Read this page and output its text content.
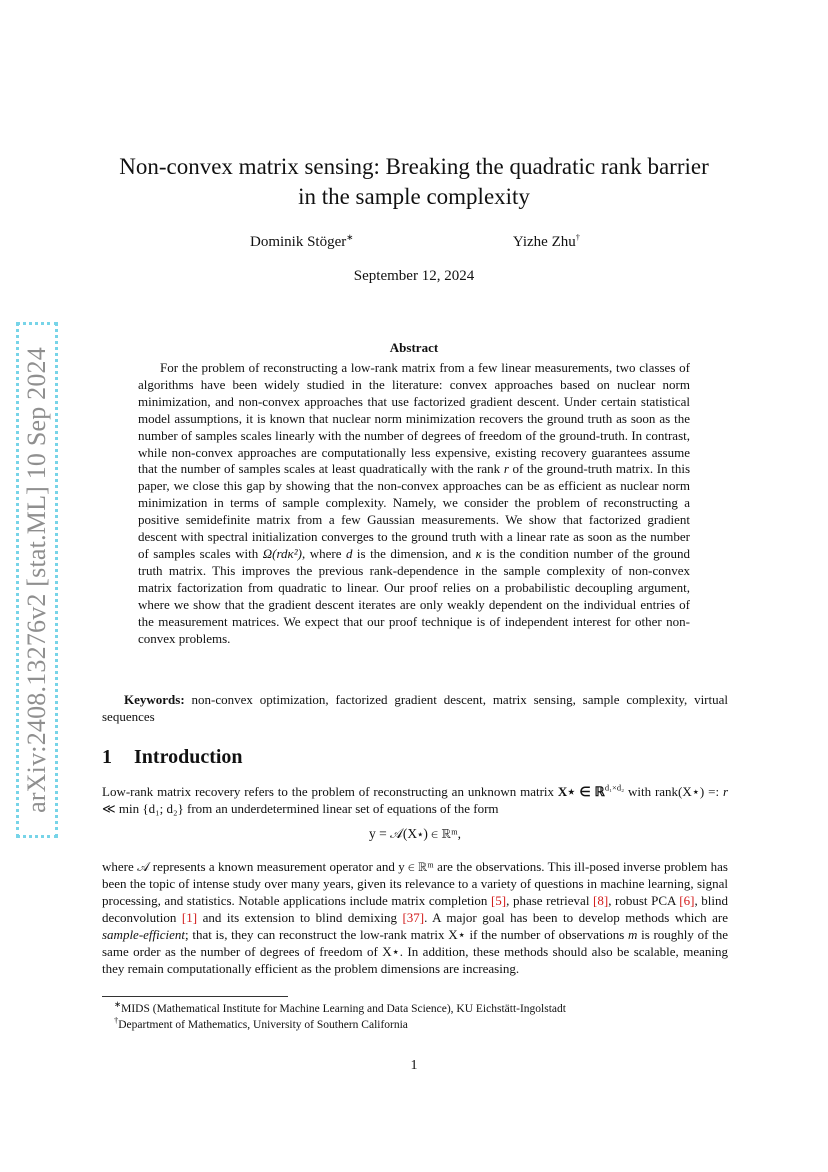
arXiv:2408.13276v2 [stat.ML] 10 Sep 2024
Non-convex matrix sensing: Breaking the quadratic rank barrier
in the sample complexity
Dominik Stöger∗	Yizhe Zhu†
September 12, 2024
Abstract

For the problem of reconstructing a low-rank matrix from a few linear measurements, two classes of algorithms have been widely studied in the literature: convex approaches based on nuclear norm minimization, and non-convex approaches that use factorized gradient descent. Under certain statistical model assumptions, it is known that nuclear norm minimization recovers the ground truth as soon as the number of samples scales linearly with the number of degrees of freedom of the ground-truth. In contrast, while non-convex approaches are computationally less expensive, existing recovery guarantees assume that the number of samples scales at least quadratically with the rank r of the ground-truth matrix. In this paper, we close this gap by showing that the non-convex approaches can be as efficient as nuclear norm minimization in terms of sample complexity. Namely, we consider the problem of reconstructing a positive semidefinite matrix from a few Gaussian measurements. We show that factorized gradient descent with spectral initialization converges to the ground truth with a linear rate as soon as the number of samples scales with Ω(rdκ²), where d is the dimension, and κ is the condition number of the ground truth matrix. This improves the previous rank-dependence in the sample complexity of non-convex matrix factorization from quadratic to linear. Our proof relies on a probabilistic decoupling argument, where we show that the gradient descent iterates are only weakly dependent on the individual entries of the measurement matrices. We expect that our proof technique is of independent interest for other non-convex problems.

Keywords: non-convex optimization, factorized gradient descent, matrix sensing, sample complexity, virtual sequences

1 Introduction

Low-rank matrix recovery refers to the problem of reconstructing an unknown matrix X⋆ ∈ ℝ$^{d_1\times d_2}$ with rank(X⋆) =: r ≪ min {d₁; d₂} from an underdetermined linear set of equations of the form

y = 𝒜(X⋆) ∈ ℝᵐ,

where 𝒜 represents a known measurement operator and y ∈ ℝᵐ are the observations. This ill-posed inverse problem has been the topic of intense study over many years, given its relevance to a variety of questions in machine learning, signal processing, and statistics. Notable applications include matrix completion [5], phase retrieval [8], robust PCA [6], blind deconvolution [1] and its extension to blind demixing [37]. A major goal has been to develop methods which are sample-efficient; that is, they can reconstruct the low-rank matrix X⋆ if the number of observations m is roughly of the same order as the number of degrees of freedom of X⋆. In addition, these methods should also be scalable, meaning they remain computationally efficient as the problem dimensions are increasing.

∗MIDS (Mathematical Institute for Machine Learning and Data Science), KU Eichstätt-Ingolstadt
†Department of Mathematics, University of Southern California
1
